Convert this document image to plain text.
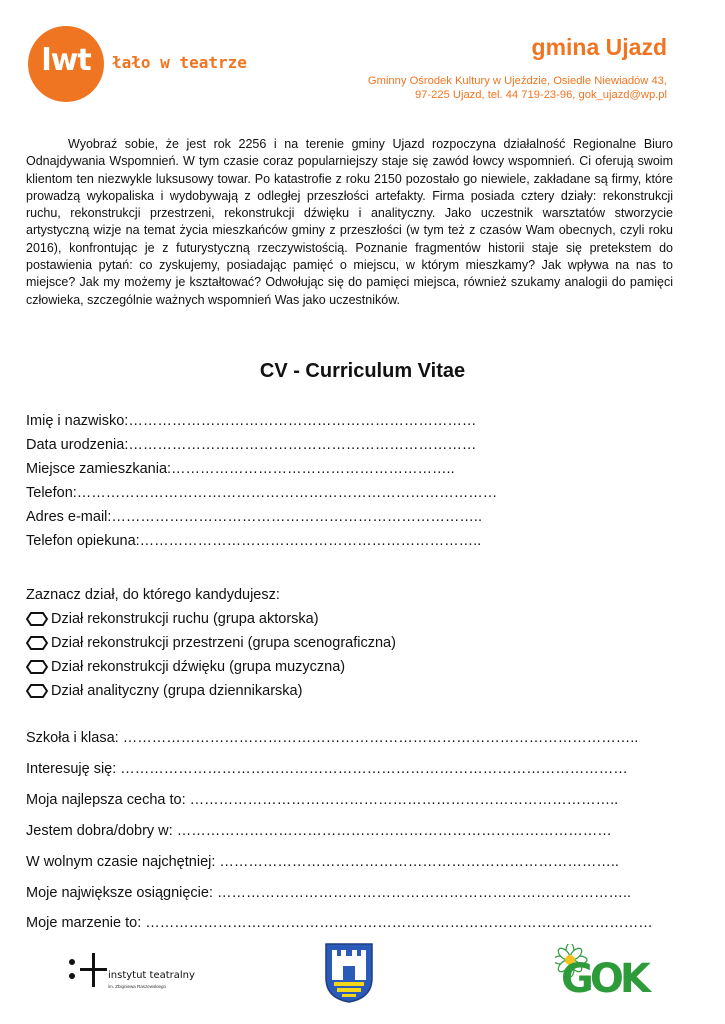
lwt	łało w teatrze
gmina Ujazd
Gminny Ośrodek Kultury w Ujeździe, Osiedle Niewiadów 43,
97-225 Ujazd, tel. 44 719-23-96, gok_ujazd@wp.pl

Wyobraź sobie, że jest rok 2256 i na terenie gminy Ujazd rozpoczyna działalność Regionalne Biuro Odnajdywania Wspomnień. W tym czasie coraz popularniejszy staje się zawód łowcy wspomnień. Ci oferują swoim klientom ten niezwykle luksusowy towar. Po katastrofie z roku 2150 pozostało go niewiele, zakładane są firmy, które prowadzą wykopaliska i wydobywają z odległej przeszłości artefakty. Firma posiada cztery działy: rekonstrukcji ruchu, rekonstrukcji przestrzeni, rekonstrukcji dźwięku i analityczny. Jako uczestnik warsztatów stworzycie artystyczną wizje na temat życia mieszkańców gminy z przeszłości (w tym też z czasów Wam obecnych, czyli roku 2016), konfrontując je z futurystyczną rzeczywistością. Poznanie fragmentów historii staje się pretekstem do postawienia pytań: co zyskujemy, posiadając pamięć o miejscu, w którym mieszkamy? Jak wpływa na nas to miejsce? Jak my możemy je kształtować? Odwołując się do pamięci miejsca, również szukamy analogii do pamięci człowieka, szczególnie ważnych wspomnień Was jako uczestników.

CV - Curriculum Vitae
Imię i nazwisko:………………………………………………………………
Data urodzenia:………………………………………………………………
Miejsce zamieszkania:…………………………………………………..
Telefon:……………………………………………………………………………
Adres e-mail:…………………………………………………………………..
Telefon opiekuna:……………………………………………………………..
Zaznacz dział, do którego kandydujesz:
Dział rekonstrukcji ruchu (grupa aktorska)
Dział rekonstrukcji przestrzeni (grupa scenograficzna)
Dział rekonstrukcji dźwięku (grupa muzyczna)
Dział analityczny (grupa dziennikarska)
Szkoła i klasa: ……………………………………………………………………………………………..
Interesuję się: ……………………………………………………………………………………………
Moja najlepsza cecha to: ……………………………………………………………………………..
Jestem dobra/dobry w: ………………………………………………………………………………
W wolnym czasie najchętniej: ………………………………………………………………………..
Moje największe osiągnięcie: …………………………………………………………………………..
Moje marzenie to: ……………………………………………………………………………………………
instytut teatralny
im. Zbigniewa Raszewskiego	GOK
